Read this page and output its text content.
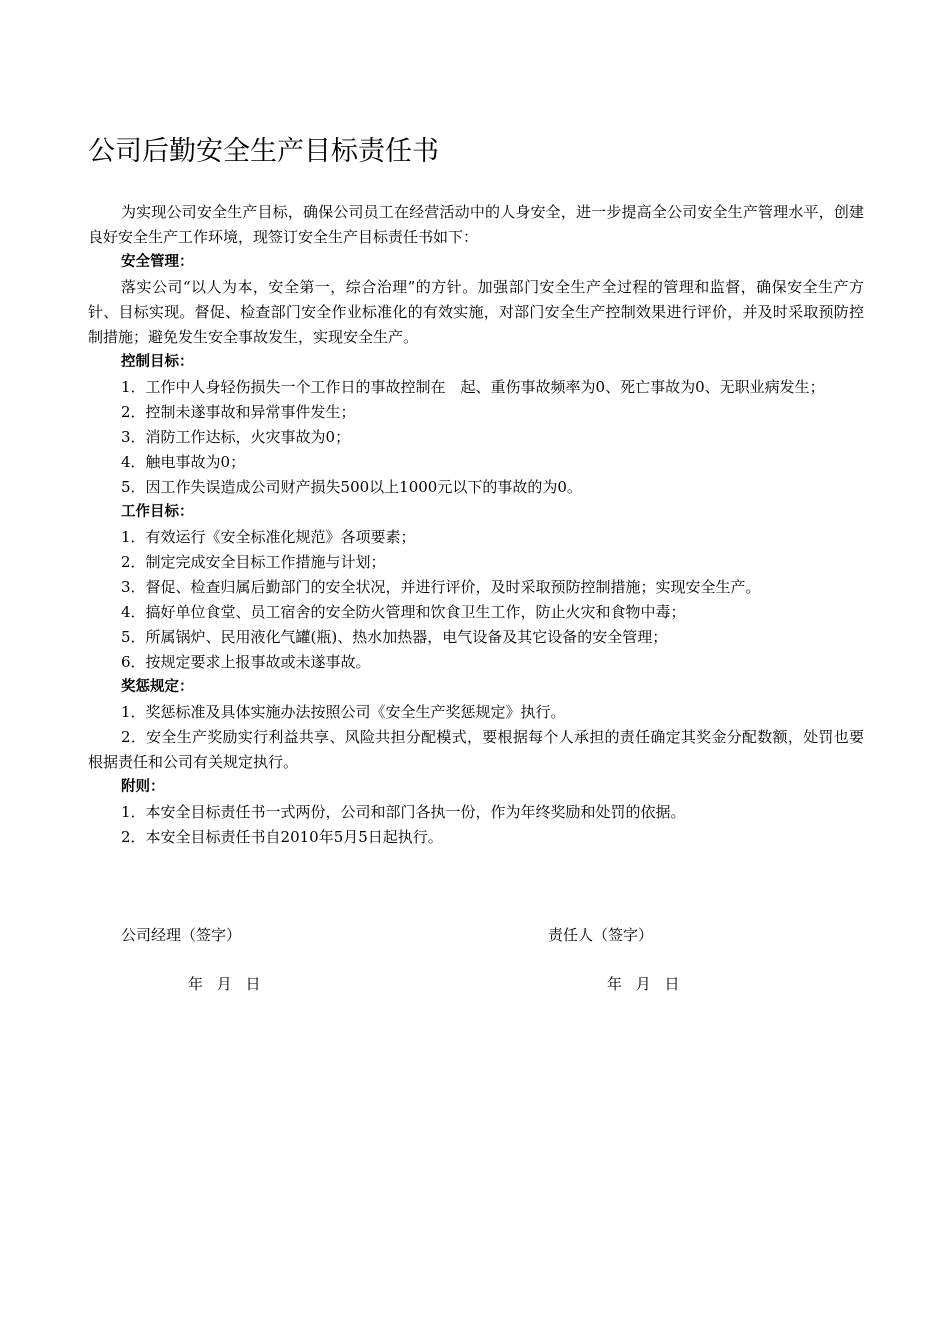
公司后勤安全生产目标责任书

为实现公司安全生产目标，确保公司员工在经营活动中的人身安全，进一步提高全公司安全生产管理水平，创建良好安全生产工作环境，现签订安全生产目标责任书如下：

安全管理：

落实公司“以人为本，安全第一，综合治理”的方针。加强部门安全生产全过程的管理和监督，确保安全生产方针、目标实现。督促、检查部门安全作业标准化的有效实施，对部门安全生产控制效果进行评价，并及时采取预防控制措施；避免发生安全事故发生，实现安全生产。

控制目标：

1．工作中人身轻伤损失一个工作日的事故控制在　起、重伤事故频率为0、死亡事故为0、无职业病发生；

2．控制未遂事故和异常事件发生；

3．消防工作达标，火灾事故为0；

4．触电事故为0；

5．因工作失误造成公司财产损失500以上1000元以下的事故的为0。

工作目标：

1．有效运行《安全标准化规范》各项要素；

2．制定完成安全目标工作措施与计划；

3．督促、检查归属后勤部门的安全状况，并进行评价，及时采取预防控制措施；实现安全生产。

4．搞好单位食堂、员工宿舍的安全防火管理和饮食卫生工作，防止火灾和食物中毒；

5．所属锅炉、民用液化气罐(瓶)、热水加热器，电气设备及其它设备的安全管理；

6．按规定要求上报事故或未遂事故。

奖惩规定：

1．奖惩标准及具体实施办法按照公司《安全生产奖惩规定》执行。

2．安全生产奖励实行利益共享、风险共担分配模式，要根据每个人承担的责任确定其奖金分配数额，处罚也要根据责任和公司有关规定执行。

附则：

1．本安全目标责任书一式两份，公司和部门各执一份，作为年终奖励和处罚的依据。

2．本安全目标责任书自2010年5月5日起执行。

公司经理（签字）
年 月 日
责任人（签字）
年 月 日
